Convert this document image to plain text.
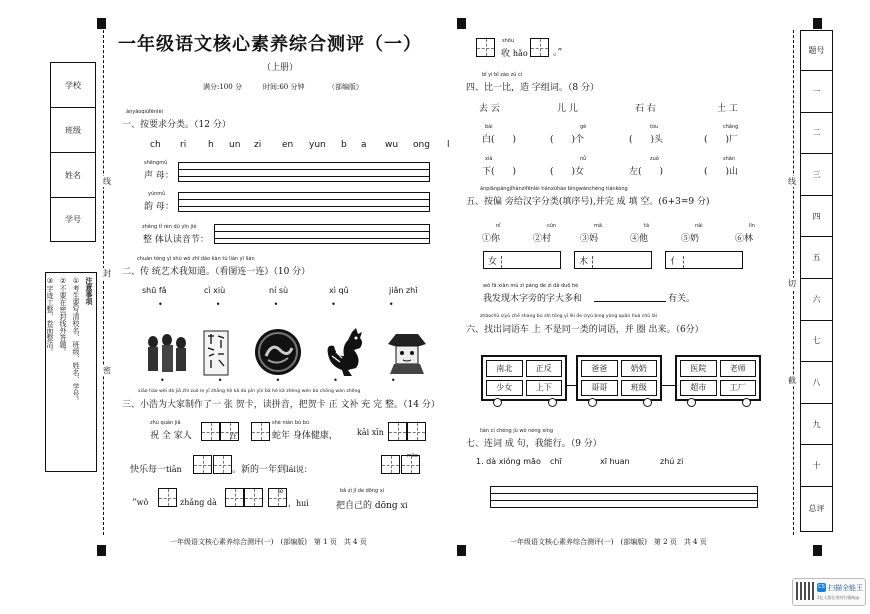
学校
班级
姓名
学号
注意事项
①考生要写清校名、班级、姓名、学号。
②不要在密封线外答题。
③字迹工整，卷面整洁。
线
封
密
一年级语文核心素养综合测评（一）
（上册）
满分:100 分	时间:60 分钟	（部编版）
ànyāoqiúfēnlèi
一、按要求分类。（12 分）
ch	ri	h	un	zi	en	yun	b	a	wu	ong	l
shēngmǔ
声 母：
yùnmǔ
韵 母：
zhěng tǐ rèn dú yīn jié
整 体认读音节：
chuán tǒng yì shù wǒ zhī dào kàn tú lián yī lián
二、传 统艺术我知道。（看图连一连）（10 分）
shū fǎ	cì xiù	ní sù	xì qǔ	jiǎn zhǐ
•••••
•••••
xiǎo hào wèi dà jiā zhì zuò le yī zhāng hè kǎ dú pīn yīn bǎ hè kǎ zhèng wén bǔ chōng wán zhěng
三、小浩为大家制作了一 张 贺卡，读拼音，把贺卡 正 文补 充 完 整。（14 分）
zhù quán jiā
祝 全 家人	在
shé nián bù bù
蛇年 身体健康， kāi xīn
快乐每一tiān	。新的一年到lái说：
māo
“wǒ	zhǎng dà
le
，huì
bǎ zì jǐ de dōng xi
把自己的 dōng xi
一年级语文核心素养综合测评(一)　(部编版)　第 1 页　共 4 页
shōu
收 hǎo	。”
bǐ yi bǐ zào zǔ cí
四、比一比，造 字组词。（8 分）
去 云	儿 儿	石 右	土 工
bái	gè	tóu	chǎng
白(　　)	(　　)个	(　　)头	(　　)厂
xià	nǚ	zuǒ	shān
下(　　)	(　　)女	左(　　)	(　　)山
ànpiānpángjǐhànzìfēnlèi tiánxùhào bìngwánchéng tiánkòng
五、按偏 旁给汉字分类(填序号),并完 成 填 空。(6+3=9 分)
nǐ	cūn	mā	tā	nǎi	lín
①你	②村	③妈	④他	⑤奶	⑥林
女	木	亻
wǒ fā xiàn mù zì páng de zì dà duō hé
我发现木字旁的字大多和	有关。
zhǎochū cíyǔ chē shang bù shì tóng yī lèi de cíyǔ bìng yòng quān huà chū lái
六、找出词语车 上 不是同一类的词语，并 圈 出来。（6分）
南北	正反
少女	上下
爸爸	奶奶
哥哥	班级
医院	老师
超市	工厂
lián cí chéng jù wǒ néng xíng
七、连词 成 句，我能行。（9 分）
1. dà xióng māo	chī	xī huan	zhú zi
一年级语文核心素养综合测评(一)　(部编版)　第 2 页　共 4 页
线
切
截
题号
一
二
三
四
五
六
七
八
九
十
总评
CS 扫描全能王
3亿人都在用的扫描App
